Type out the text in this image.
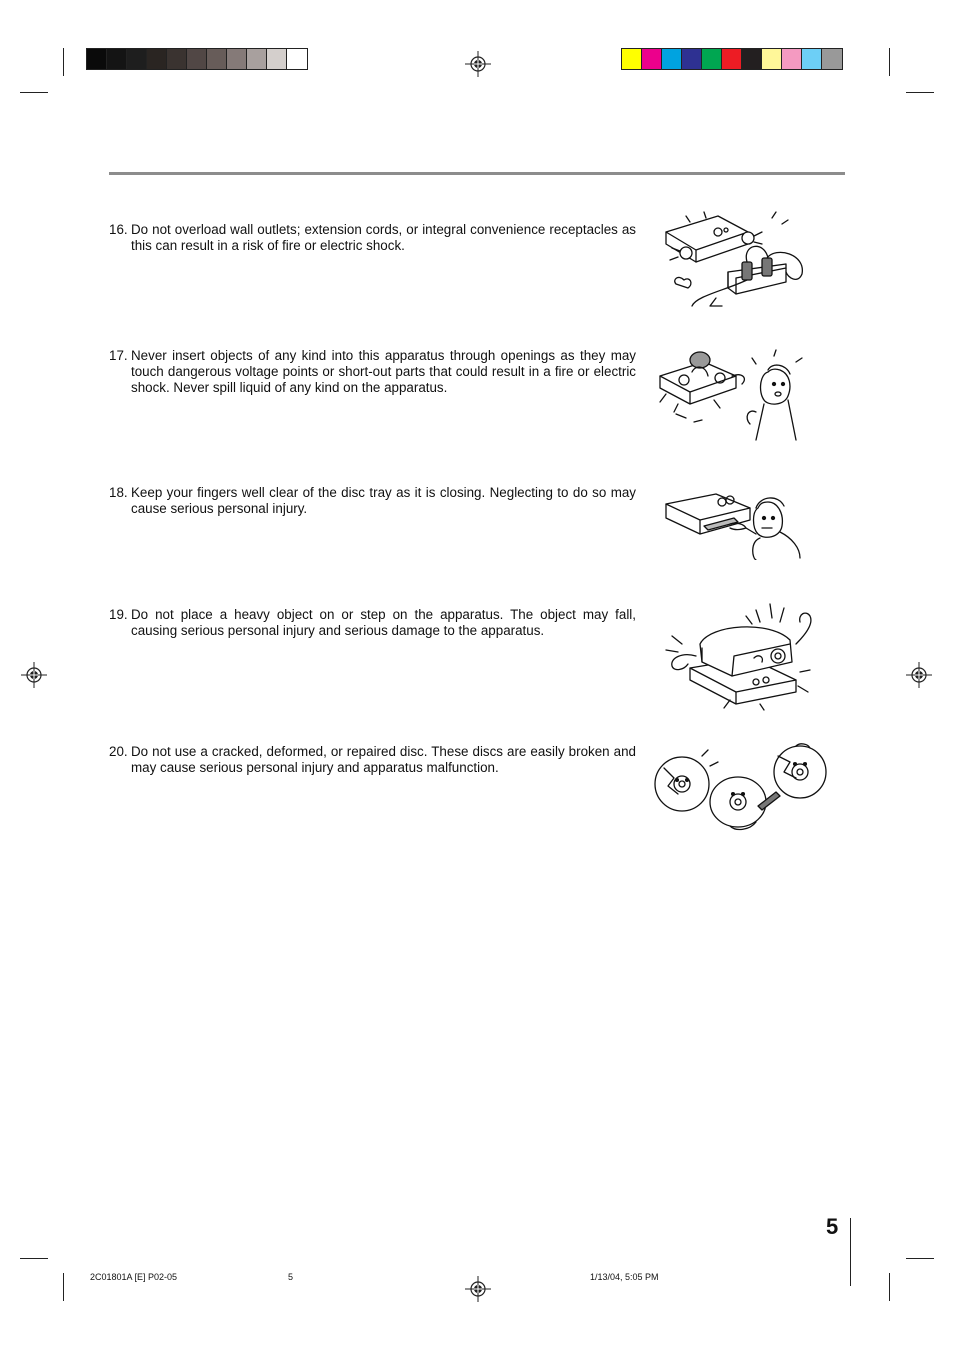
16. Do not overload wall outlets; extension cords, or integral convenience receptacles as this can result in a risk of fire or electric shock.
17. Never insert objects of any kind into this apparatus through openings as they may touch dangerous voltage points or short-out parts that could result in a fire or electric shock. Never spill liquid of any kind on the apparatus.
18. Keep your fingers well clear of the disc tray as it is closing. Neglecting to do so may cause serious personal injury.
19. Do not place a heavy object on or step on the apparatus. The object may fall, causing serious personal injury and serious damage to the apparatus.
20. Do not use a cracked, deformed, or repaired disc. These discs are easily broken and may cause serious personal injury and apparatus malfunction.
5
2C01801A [E] P02-05	5	1/13/04, 5:05 PM
